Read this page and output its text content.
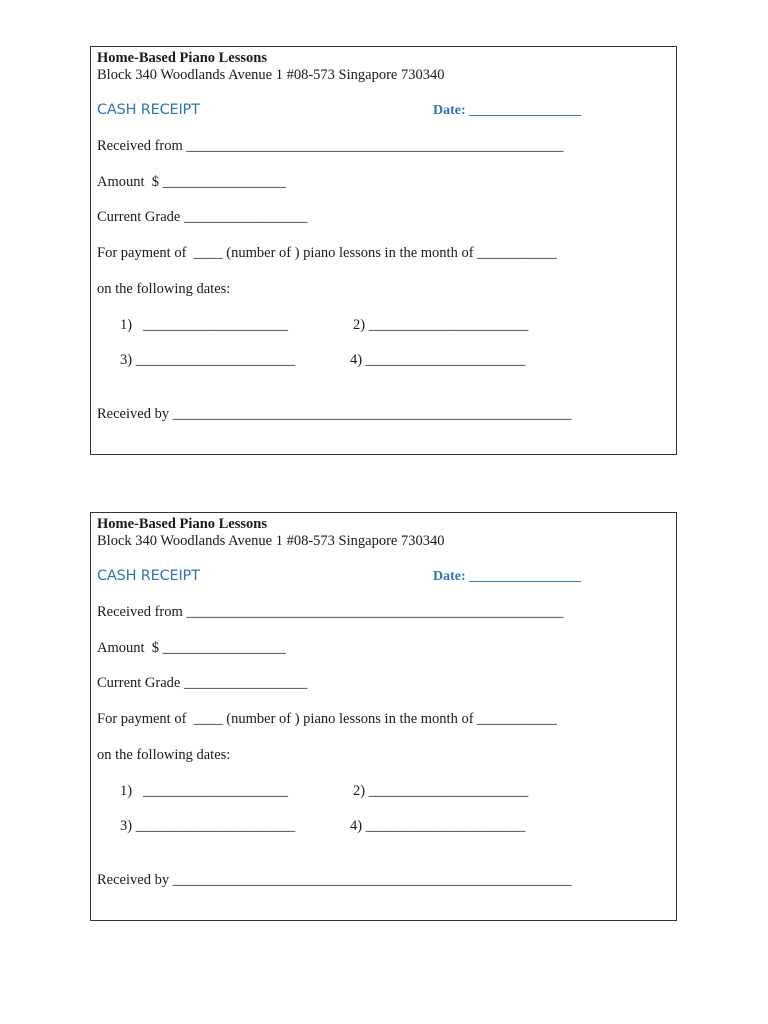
Home-Based Piano Lessons
Block 340 Woodlands Avenue 1 #08-573 Singapore 730340
CASH RECEIPT	Date: ________________
Received from ____________________________________________________
Amount  $ _________________
Current Grade _________________
For payment of  ____ (number of ) piano lessons in the month of ___________
on the following dates:
1)   ____________________	2) ______________________
3) ______________________	4) ______________________
Received by _______________________________________________________
Home-Based Piano Lessons
Block 340 Woodlands Avenue 1 #08-573 Singapore 730340
CASH RECEIPT	Date: ________________
Received from ____________________________________________________
Amount  $ _________________
Current Grade _________________
For payment of  ____ (number of ) piano lessons in the month of ___________
on the following dates:
1)   ____________________	2) ______________________
3) ______________________	4) ______________________
Received by _______________________________________________________
